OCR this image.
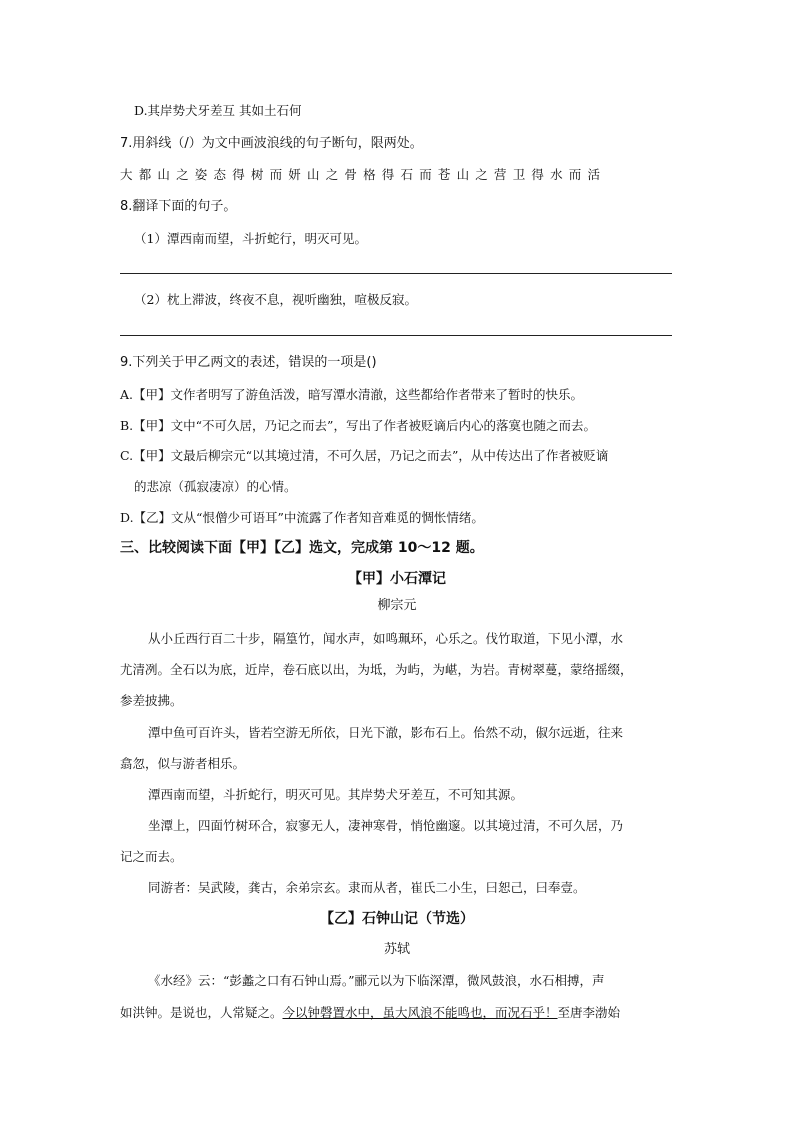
D.其岸势犬牙差互 其如土石何
7.用斜线（/）为文中画波浪线的句子断句，限两处。
大都山之姿态得树而妍山之骨格得石而苍山之营卫得水而活
8.翻译下面的句子。
（1）潭西南而望，斗折蛇行，明灭可见。
（2）枕上滞波，终夜不息，视听幽独，喧极反寂。
9.下列关于甲乙两文的表述，错误的一项是()
A.【甲】文作者明写了游鱼活泼，暗写潭水清澈，这些都给作者带来了暂时的快乐。
B.【甲】文中“不可久居，乃记之而去”，写出了作者被贬谪后内心的落寞也随之而去。
C.【甲】文最后柳宗元“以其境过清，不可久居，乃记之而去”，从中传达出了作者被贬谪
的悲凉（孤寂凄凉）的心情。
D.【乙】文从“恨僧少可语耳”中流露了作者知音难觅的惆怅情绪。
三、比较阅读下面【甲】【乙】选文，完成第 10～12 题。
【甲】小石潭记
柳宗元
从小丘西行百二十步，隔篁竹，闻水声，如鸣珮环，心乐之。伐竹取道，下见小潭，水
尤清冽。全石以为底，近岸，卷石底以出，为坻，为屿，为嵁，为岩。青树翠蔓，蒙络摇缀，
参差披拂。
潭中鱼可百许头，皆若空游无所依，日光下澈，影布石上。佁然不动，俶尔远逝，往来
翕忽，似与游者相乐。
潭西南而望，斗折蛇行，明灭可见。其岸势犬牙差互，不可知其源。
坐潭上，四面竹树环合，寂寥无人，凄神寒骨，悄怆幽邃。以其境过清，不可久居，乃
记之而去。
同游者：吴武陵，龚古，余弟宗玄。隶而从者，崔氏二小生，曰恕己，曰奉壹。
【乙】石钟山记（节选）
苏轼
《水经》云：“彭蠡之口有石钟山焉。”郦元以为下临深潭，微风鼓浪，水石相搏，声
如洪钟。是说也，人常疑之。今以钟磬置水中，虽大风浪不能鸣也，而况石乎！至唐李渤始
